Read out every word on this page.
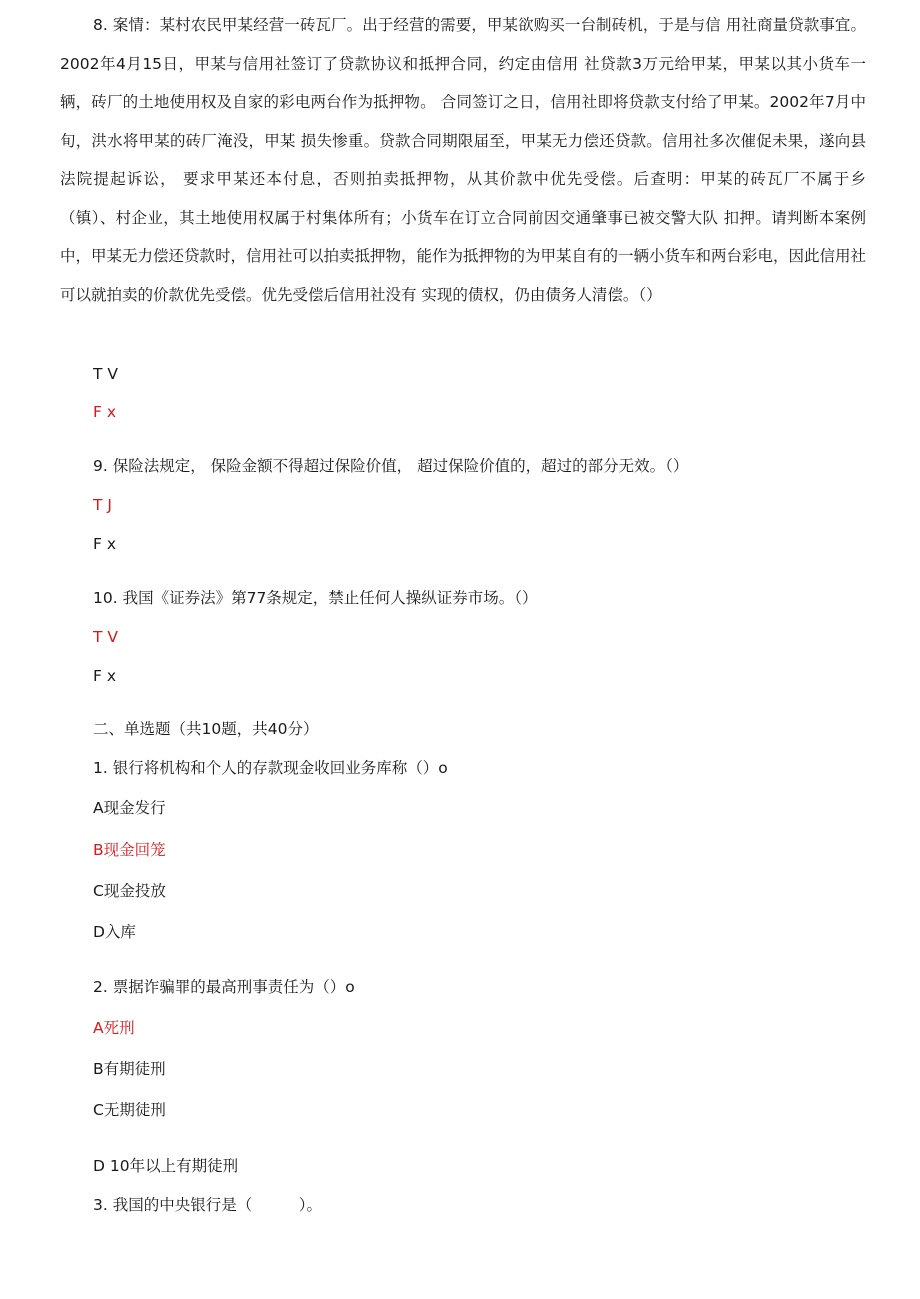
8. 案情：某村农民甲某经营一砖瓦厂。出于经营的需要，甲某欲购买一台制砖机，于是与信 用社商量贷款事宜。2002年4月15日，甲某与信用社签订了贷款协议和抵押合同，约定由信用 社贷款3万元给甲某，甲某以其小货车一辆，砖厂的土地使用权及自家的彩电两台作为抵押物。 合同签订之日，信用社即将贷款支付给了甲某。2002年7月中旬，洪水将甲某的砖厂淹没，甲某 损失惨重。贷款合同期限届至，甲某无力偿还贷款。信用社多次催促未果，遂向县法院提起诉讼， 要求甲某还本付息，否则拍卖抵押物，从其价款中优先受偿。后查明：甲某的砖瓦厂不属于乡 （镇）、村企业，其土地使用权属于村集体所有；小货车在订立合同前因交通肇事已被交警大队 扣押。请判断本案例中，甲某无力偿还贷款时，信用社可以拍卖抵押物，能作为抵押物的为甲某自有的一辆小货车和两台彩电，因此信用社可以就拍卖的价款优先受偿。优先受偿后信用社没有 实现的债权，仍由债务人清偿。（）

T V

F x

9. 保险法规定， 保险金额不得超过保险价值， 超过保险价值的，超过的部分无效。（）

T J

F x

10. 我国《证券法》第77条规定，禁止任何人操纵证券市场。（）

T V

F x

二、单选题（共10题，共40分）

1. 银行将机构和个人的存款现金收回业务库称（）o

A现金发行

B现金回笼

C现金投放

D入库

2. 票据诈骗罪的最高刑事责任为（）o

A死刑

B有期徒刑

C无期徒刑

D 10年以上有期徒刑

3. 我国的中央银行是（　　　）。
